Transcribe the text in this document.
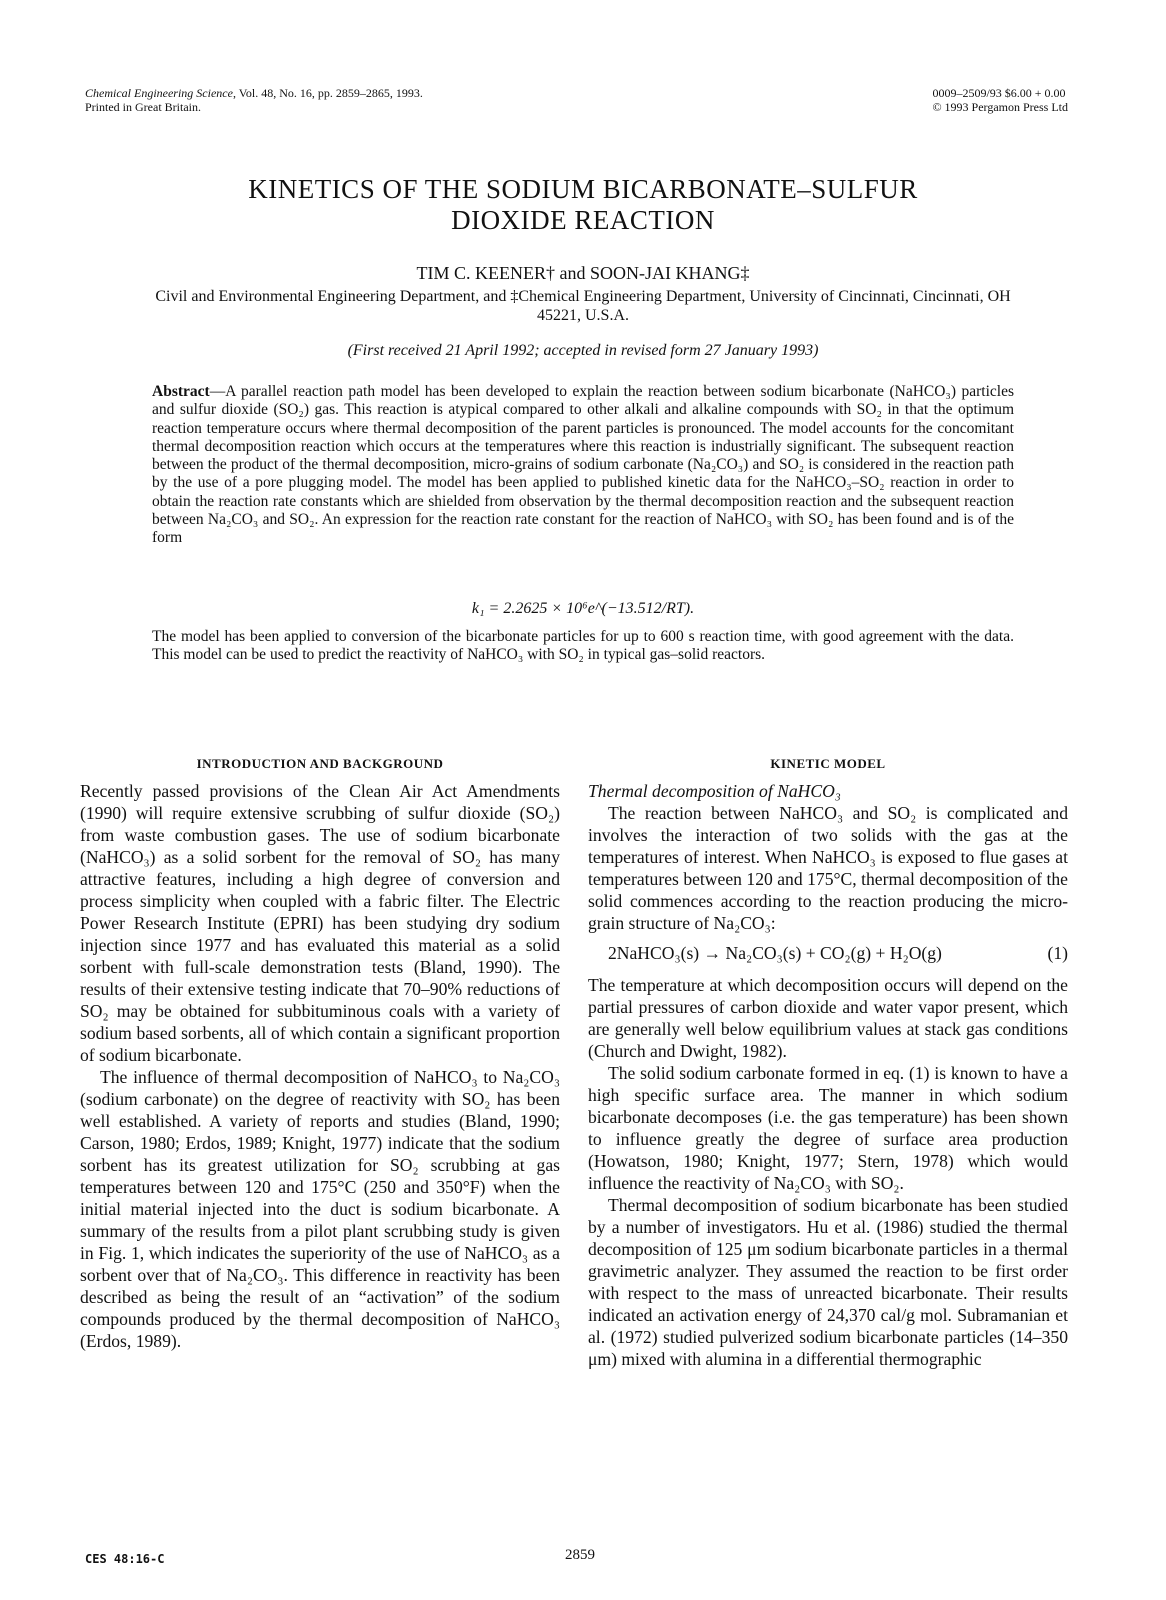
Chemical Engineering Science, Vol. 48, No. 16, pp. 2859–2865, 1993.
Printed in Great Britain.
0009–2509/93 $6.00 + 0.00
© 1993 Pergamon Press Ltd
KINETICS OF THE SODIUM BICARBONATE–SULFUR
DIOXIDE REACTION
TIM C. KEENER† and SOON-JAI KHANG‡
Civil and Environmental Engineering Department, and ‡Chemical Engineering Department, University of Cincinnati, Cincinnati, OH 45221, U.S.A.
(First received 21 April 1992; accepted in revised form 27 January 1993)
Abstract—A parallel reaction path model has been developed to explain the reaction between sodium bicarbonate (NaHCO₃) particles and sulfur dioxide (SO₂) gas. This reaction is atypical compared to other alkali and alkaline compounds with SO₂ in that the optimum reaction temperature occurs where thermal decomposition of the parent particles is pronounced. The model accounts for the concomitant thermal decomposition reaction which occurs at the temperatures where this reaction is industrially significant. The subsequent reaction between the product of the thermal decomposition, micro-grains of sodium carbonate (Na₂CO₃) and SO₂ is considered in the reaction path by the use of a pore plugging model. The model has been applied to published kinetic data for the NaHCO₃–SO₂ reaction in order to obtain the reaction rate constants which are shielded from observation by the thermal decomposition reaction and the subsequent reaction between Na₂CO₃ and SO₂. An expression for the reaction rate constant for the reaction of NaHCO₃ with SO₂ has been found and is of the form
k₁ = 2.2625 × 10⁶e^(−13.512/RT).
The model has been applied to conversion of the bicarbonate particles for up to 600 s reaction time, with good agreement with the data. This model can be used to predict the reactivity of NaHCO₃ with SO₂ in typical gas–solid reactors.
INTRODUCTION AND BACKGROUND

Recently passed provisions of the Clean Air Act Amendments (1990) will require extensive scrubbing of sulfur dioxide (SO₂) from waste combustion gases. The use of sodium bicarbonate (NaHCO₃) as a solid sorbent for the removal of SO₂ has many attractive features, including a high degree of conversion and process simplicity when coupled with a fabric filter. The Electric Power Research Institute (EPRI) has been studying dry sodium injection since 1977 and has evaluated this material as a solid sorbent with full-scale demonstration tests (Bland, 1990). The results of their extensive testing indicate that 70–90% reductions of SO₂ may be obtained for subbituminous coals with a variety of sodium based sorbents, all of which contain a significant proportion of sodium bicarbonate.

The influence of thermal decomposition of NaHCO₃ to Na₂CO₃ (sodium carbonate) on the degree of reactivity with SO₂ has been well established. A variety of reports and studies (Bland, 1990; Carson, 1980; Erdos, 1989; Knight, 1977) indicate that the sodium sorbent has its greatest utilization for SO₂ scrubbing at gas temperatures between 120 and 175°C (250 and 350°F) when the initial material injected into the duct is sodium bicarbonate. A summary of the results from a pilot plant scrubbing study is given in Fig. 1, which indicates the superiority of the use of NaHCO₃ as a sorbent over that of Na₂CO₃. This difference in reactivity has been described as being the result of an “activation” of the sodium compounds produced by the thermal decomposition of NaHCO₃ (Erdos, 1989).

KINETIC MODEL
Thermal decomposition of NaHCO₃

The reaction between NaHCO₃ and SO₂ is complicated and involves the interaction of two solids with the gas at the temperatures of interest. When NaHCO₃ is exposed to flue gases at temperatures between 120 and 175°C, thermal decomposition of the solid commences according to the reaction producing the micro-grain structure of Na₂CO₃:

2NaHCO₃(s) → Na₂CO₃(s) + CO₂(g) + H₂O(g)	(1)

The temperature at which decomposition occurs will depend on the partial pressures of carbon dioxide and water vapor present, which are generally well below equilibrium values at stack gas conditions (Church and Dwight, 1982).

The solid sodium carbonate formed in eq. (1) is known to have a high specific surface area. The manner in which sodium bicarbonate decomposes (i.e. the gas temperature) has been shown to influence greatly the degree of surface area production (Howatson, 1980; Knight, 1977; Stern, 1978) which would influence the reactivity of Na₂CO₃ with SO₂.

Thermal decomposition of sodium bicarbonate has been studied by a number of investigators. Hu et al. (1986) studied the thermal decomposition of 125 μm sodium bicarbonate particles in a thermal gravimetric analyzer. They assumed the reaction to be first order with respect to the mass of unreacted bicarbonate. Their results indicated an activation energy of 24,370 cal/g mol. Subramanian et al. (1972) studied pulverized sodium bicarbonate particles (14–350 μm) mixed with alumina in a differential thermographic

CES 48:16-C	2859
